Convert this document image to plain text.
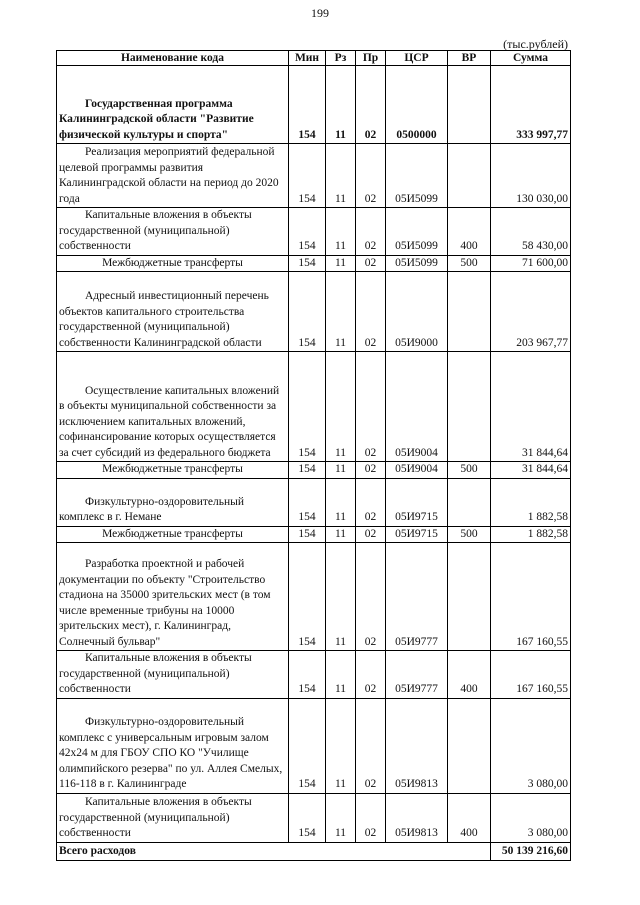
199
(тыс.рублей)
Наименование кода	Мин	Рз	Пр	ЦСР	ВР	Сумма

Государственная программа Калининградской области "Развитие физической культуры и спорта"	154	11	02	0500000		333 997,77

Реализация мероприятий федеральной целевой программы развития Калининградской области на период до 2020 года	154	11	02	05И5099		130 030,00

Капитальные вложения в объекты государственной (муниципальной) собственности	154	11	02	05И5099	400	58 430,00

Межбюджетные трансферты	154	11	02	05И5099	500	71 600,00

Адресный инвестиционный перечень объектов капитального строительства государственной (муниципальной) собственности Калининградской области	154	11	02	05И9000		203 967,77

Осуществление капитальных вложений в объекты муниципальной собственности за исключением капитальных вложений, софинансирование которых осуществляется за счет субсидий из федерального бюджета	154	11	02	05И9004		31 844,64

Межбюджетные трансферты	154	11	02	05И9004	500	31 844,64

Физкультурно-оздоровительный комплекс в г. Немане	154	11	02	05И9715		1 882,58

Межбюджетные трансферты	154	11	02	05И9715	500	1 882,58

Разработка проектной и рабочей документации по объекту "Строительство стадиона на 35000 зрительских мест (в том числе временные трибуны на 10000 зрительских мест), г. Калининград, Солнечный бульвар"	154	11	02	05И9777		167 160,55

Капитальные вложения в объекты государственной (муниципальной) собственности	154	11	02	05И9777	400	167 160,55

Физкультурно-оздоровительный комплекс с универсальным игровым залом 42х24 м для ГБОУ СПО КО "Училище олимпийского резерва" по ул. Аллея Смелых, 116-118 в г. Калининграде	154	11	02	05И9813		3 080,00

Капитальные вложения в объекты государственной (муниципальной) собственности	154	11	02	05И9813	400	3 080,00
Всего расходов						50 139 216,60
